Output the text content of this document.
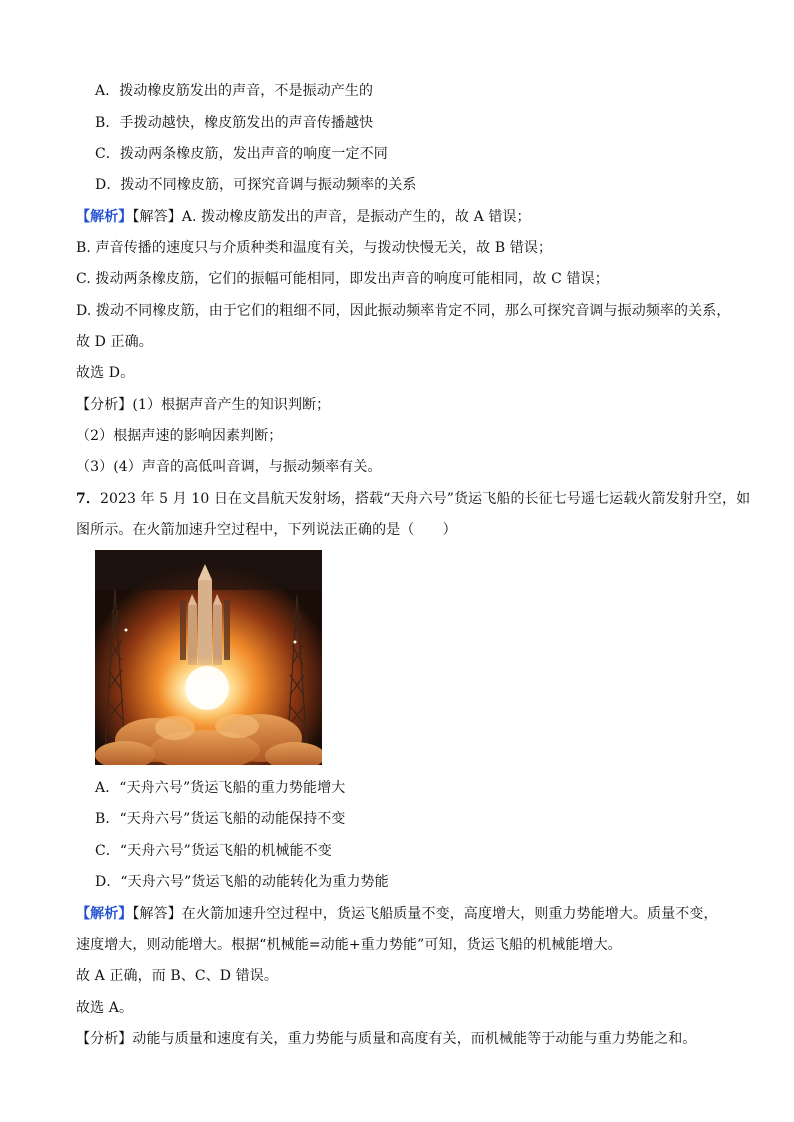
A．拨动橡皮筋发出的声音，不是振动产生的
B．手拨动越快，橡皮筋发出的声音传播越快
C．拨动两条橡皮筋，发出声音的响度一定不同
D．拨动不同橡皮筋，可探究音调与振动频率的关系
【解析】【解答】A. 拨动橡皮筋发出的声音，是振动产生的，故 A 错误；
B. 声音传播的速度只与介质种类和温度有关，与拨动快慢无关，故 B 错误；
C. 拨动两条橡皮筋，它们的振幅可能相同，即发出声音的响度可能相同，故 C 错误；
D. 拨动不同橡皮筋，由于它们的粗细不同，因此振动频率肯定不同，那么可探究音调与振动频率的关系，
故 D 正确。
故选 D。
【分析】(1）根据声音产生的知识判断；
（2）根据声速的影响因素判断；
（3）(4）声音的高低叫音调，与振动频率有关。
7．2023 年 5 月 10 日在文昌航天发射场，搭载“天舟六号”货运飞船的长征七号遥七运载火箭发射升空，如
图所示。在火箭加速升空过程中，下列说法正确的是（　　）
A．“天舟六号”货运飞船的重力势能增大
B．“天舟六号”货运飞船的动能保持不变
C．“天舟六号”货运飞船的机械能不变
D．“天舟六号”货运飞船的动能转化为重力势能
【解析】【解答】在火箭加速升空过程中，货运飞船质量不变，高度增大，则重力势能增大。质量不变，
速度增大，则动能增大。根据“机械能=动能+重力势能”可知，货运飞船的机械能增大。
故 A 正确，而 B、C、D 错误。
故选 A。
【分析】动能与质量和速度有关，重力势能与质量和高度有关，而机械能等于动能与重力势能之和。
